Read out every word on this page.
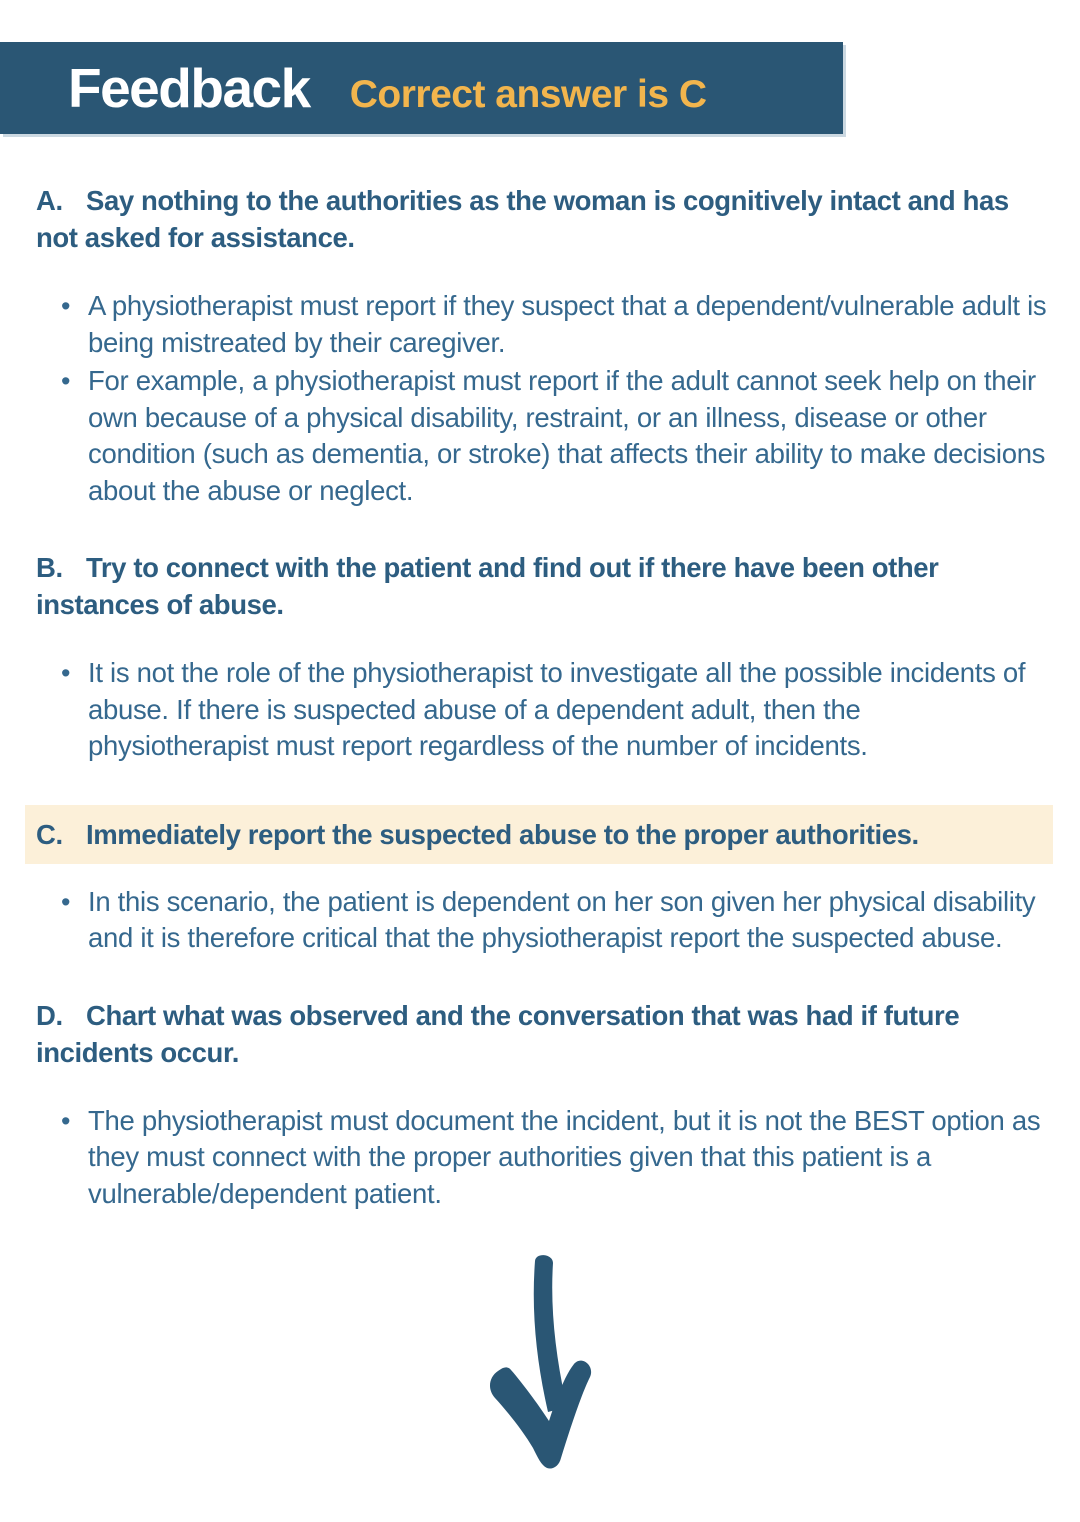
Feedback Correct answer is C

A. Say nothing to the authorities as the woman is cognitively intact and has not asked for assistance.

• A physiotherapist must report if they suspect that a dependent/vulnerable adult is being mistreated by their caregiver.
• For example, a physiotherapist must report if the adult cannot seek help on their own because of a physical disability, restraint, or an illness, disease or other condition (such as dementia, or stroke) that affects their ability to make decisions about the abuse or neglect.

B. Try to connect with the patient and find out if there have been other instances of abuse.

• It is not the role of the physiotherapist to investigate all the possible incidents of abuse. If there is suspected abuse of a dependent adult, then the physiotherapist must report regardless of the number of incidents.

C. Immediately report the suspected abuse to the proper authorities.

• In this scenario, the patient is dependent on her son given her physical disability and it is therefore critical that the physiotherapist report the suspected abuse.

D. Chart what was observed and the conversation that was had if future incidents occur.

• The physiotherapist must document the incident, but it is not the BEST option as they must connect with the proper authorities given that this patient is a vulnerable/dependent patient.
